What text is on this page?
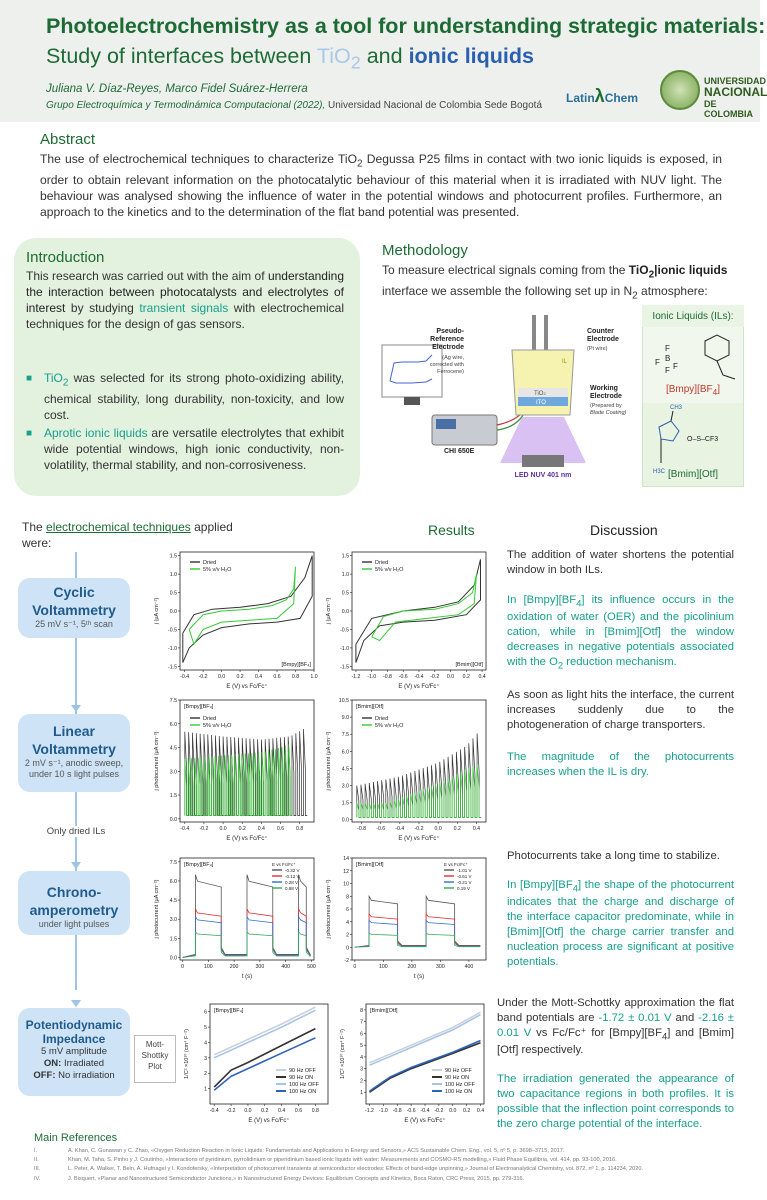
Photoelectrochemistry as a tool for understanding strategic materials:
Study of interfaces between TiO$_2$ and ionic liquids
Juliana V. Díaz-Reyes, Marco Fidel Suárez-Herrera
Grupo Electroquímica y Termodinámica Computacional (2022), Universidad Nacional de Colombia Sede Bogotá
LatinλChem
UNIVERSIDAD
NACIONAL
DE COLOMBIA
Abstract
The use of electrochemical techniques to characterize TiO$_2$ Degussa P25 films in contact with two ionic liquids is exposed, in order to obtain relevant information on the photocatalytic behaviour of this material when it is irradiated with NUV light. The behaviour was analysed showing the influence of water in the potential windows and photocurrent profiles. Furthermore, an approach to the kinetics and to the determination of the flat band potential was presented.
Introduction
This research was carried out with the aim of understanding the interaction between photocatalysts and electrolytes of interest by studying transient signals with electrochemical techniques for the design of gas sensors.
■ TiO$_2$ was selected for its strong photo-oxidizing ability, chemical stability, long durability, non-toxicity, and low cost.
■ Aprotic ionic liquids are versatile electrolytes that exhibit wide potential windows, high ionic conductivity, non-volatility, thermal stability, and non-corrosiveness.
Methodology
To measure electrical signals coming from the TiO$_2$|ionic liquids interface we assemble the following set up in $N_2$ atmosphere:
CHI 650E
Pseudo-
Reference
Electrode
(Ag wire,
corrected with
Ferrocene)
IL
TiO2
ITO
LED NUV 401 nm
Counter
Electrode
(Pt wire)
Working
Electrode
(Prepared by
Blade Coating)
Ionic Liquids (ILs):
F B
F
F
F
CH3
H3C
O–S–CF3
$[Bmpy][BF_4]$
[Bmim][Otf]
The electrochemical techniques applied were:
Cyclic
Voltammetry
25 mV s⁻¹, 5ᵗʰ scan
Linear
Voltammetry
2 mV s⁻¹, anodic sweep,
under 10 s light pulses
Only dried ILs
Chrono-
amperometry
under light pulses
Potentiodynamic
Impedance
5 mV amplitude
ON: Irradiated
OFF: No irradiation
Mott-
Shottky
Plot
Results	Discussion
-0.4 -0.2 0.0 0.2 0.4 0.6 0.8 1.0
-1.5
-1.0
-0.5
0.0
0.5
1.0
1.5
E (V) vs Fc/Fc⁺
j (μA cm⁻²)
[Bmpy][BF₄]
Dried
5% v/v H₂O
-1.2 -1.0 -0.8 -0.6 -0.4 -0.2 0.0 0.2 0.4
-1.5
-1.0
-0.5
0.0
0.5
1.0
1.5
E (V) vs Fc/Fc⁺
j (μA cm⁻²)
[Bmim][Otf]
Dried
5% v/v H₂O
-0.4 -0.2 0.0 0.2 0.4 0.6 0.8
0.0
1.5
3.0
4.5
6.0
7.5
E (V) vs Fc/Fc⁺
j photocurrent (μA cm⁻²)
[Bmpy][BF₄]
Dried
5% v/v H₂O
-0.8 -0.6 -0.4 -0.2 0.0 0.2 0.4
0.0
1.5
3.0
4.5
6.0
7.5
9.0
10.5
E (V) vs Fc/Fc⁺
j photocurrent (μA cm⁻²)
[Bmim][Otf]
Dried
5% v/v H₂O
0	100	200	300	400	500
0.0
1.5
3.0
4.5
6.0
7.5
t (s)
j photocurrent (μA cm⁻²)
[Bmpy][BF₄]	E vs Fc/Fc⁺
-0.32 V
-0.12 V
0.28 V
0.88 V
0	100	200	300	400
-2
0
2
4
6
8
10
12
14
t (s)
j photocurrent (μA cm⁻²)
[Bmim][Otf]	E vs Fc/Fc⁺
-1.01 V
-0.61 V
-0.21 V
0.19 V
-0.4 -0.2 0.0 0.2 0.4 0.6 0.8
1
2
3
4
5
6
E (V) vs Fc/Fc⁺
1/C² ×10¹⁰ (cm⁴ F⁻²)
[Bmpy][BF₄]
90 Hz OFF
90 Hz ON
100 Hz OFF
100 Hz ON
-1.2 -1.0 -0.8 -0.6 -0.4 -0.2 0.0 0.2 0.4
1
2
3
4
5
6
7
8
E (V) vs Fc/Fc⁺
1/C² ×10¹⁰ (cm⁴ F⁻²)
[Bmim][Otf]
90 Hz OFF
90 Hz ON
100 Hz OFF
100 Hz ON
The addition of water shortens the potential window in both ILs.
In $[Bmpy][BF_4]$ its influence occurs in the oxidation of water (OER) and the picolinium cation, while in [Bmim][Otf] the window decreases in negative potentials associated with the $O_2$ reduction mechanism.
As soon as light hits the interface, the current increases suddenly due to the photogeneration of charge transporters.
The magnitude of the photocurrents increases when the IL is dry.
Photocurrents take a long time to stabilize.
In $[Bmpy][BF_4]$ the shape of the photocurrent indicates that the charge and discharge of the interface capacitor predominate, while in [Bmim][Otf] the charge carrier transfer and nucleation process are significant at positive potentials.
Under the Mott-Schottky approximation the flat band potentials are -1.72 ± 0.01 V and -2.16 ± 0.01 V vs Fc/Fc⁺ for $[Bmpy][BF_4]$ and [Bmim][Otf] respectively.
The irradiation generated the appearance of two capacitance regions in both profiles. It is possible that the inflection point corresponds to the zero charge potential of the interface.
Main References
I.	A. Khan, C. Gunawan y C. Zhao, «Oxygen Reduction Reaction in Ionic Liquids: Fundamentals and Applications in Energy and Sensors,» ACS Sustainable Chem. Eng., vol. 5, nº 5, p. 3698–3715, 2017.
II.	Khan, M. Taha, S. Pinho y J. Coutinho, «Interactions of pyridinium, pyrrolidinium or piperidinium based ionic liquids with water: Measurements and COSMO-RS modelling,» Fluid Phase Equilibria, vol. 414, pp. 93-100, 2016.
III.	L. Peter, A. Walker, T. Bein, A. Hufnagel y I. Kondofersky, «Interpretation of photocurrent transients at semiconductor electrodes: Effects of band-edge unpinning,» Journal of Electroanalytical Chemistry, vol. 872, nº 1, p. 114234, 2020.
IV.	J. Bisquert, «Planar and Nanostructured Semiconductor Junctions,» in Nanostructured Energy Devices: Equilibrium Concepts and Kinetics, Boca Raton, CRC Press, 2015, pp. 279-316.
